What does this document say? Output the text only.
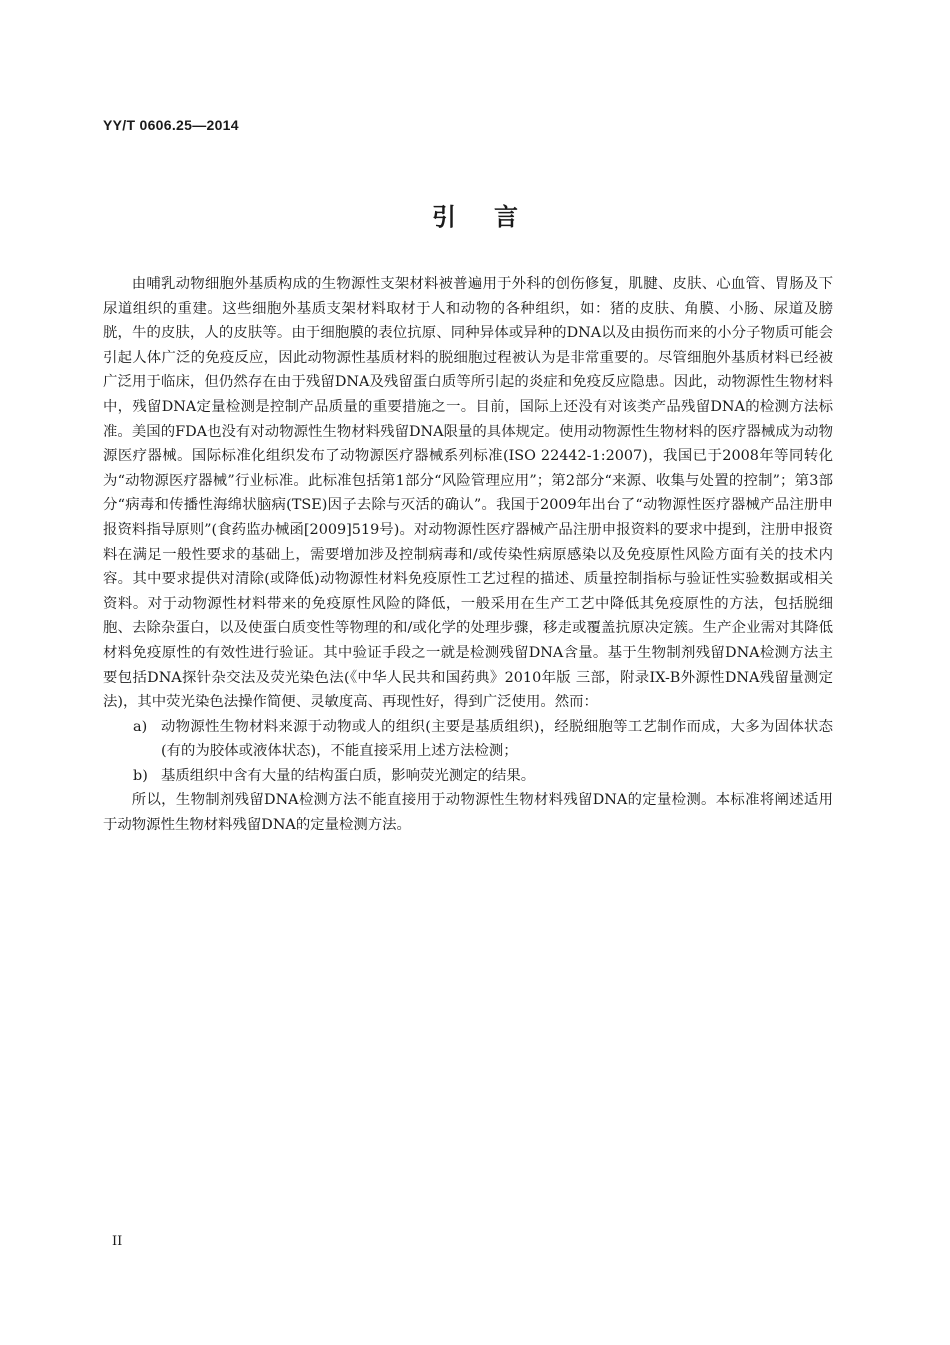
YY/T 0606.25—2014
引言

由哺乳动物细胞外基质构成的生物源性支架材料被普遍用于外科的创伤修复，肌腱、皮肤、心血管、胃肠及下尿道组织的重建。这些细胞外基质支架材料取材于人和动物的各种组织，如：猪的皮肤、角膜、小肠、尿道及膀胱，牛的皮肤，人的皮肤等。由于细胞膜的表位抗原、同种异体或异种的DNA以及由损伤而来的小分子物质可能会引起人体广泛的免疫反应，因此动物源性基质材料的脱细胞过程被认为是非常重要的。尽管细胞外基质材料已经被广泛用于临床，但仍然存在由于残留DNA及残留蛋白质等所引起的炎症和免疫反应隐患。因此，动物源性生物材料中，残留DNA定量检测是控制产品质量的重要措施之一。目前，国际上还没有对该类产品残留DNA的检测方法标准。美国的FDA也没有对动物源性生物材料残留DNA限量的具体规定。使用动物源性生物材料的医疗器械成为动物源医疗器械。国际标准化组织发布了动物源医疗器械系列标准(ISO 22442-1:2007)，我国已于2008年等同转化为“动物源医疗器械”行业标准。此标准包括第1部分“风险管理应用”；第2部分“来源、收集与处置的控制”；第3部分“病毒和传播性海绵状脑病(TSE)因子去除与灭活的确认”。我国于2009年出台了“动物源性医疗器械产品注册申报资料指导原则”(食药监办械函[2009]519号)。对动物源性医疗器械产品注册申报资料的要求中提到，注册申报资料在满足一般性要求的基础上，需要增加涉及控制病毒和/或传染性病原感染以及免疫原性风险方面有关的技术内容。其中要求提供对清除(或降低)动物源性材料免疫原性工艺过程的描述、质量控制指标与验证性实验数据或相关资料。对于动物源性材料带来的免疫原性风险的降低，一般采用在生产工艺中降低其免疫原性的方法，包括脱细胞、去除杂蛋白，以及使蛋白质变性等物理的和/或化学的处理步骤，移走或覆盖抗原决定簇。生产企业需对其降低材料免疫原性的有效性进行验证。其中验证手段之一就是检测残留DNA含量。基于生物制剂残留DNA检测方法主要包括DNA探针杂交法及荧光染色法(《中华人民共和国药典》2010年版 三部，附录IX-B外源性DNA残留量测定法)，其中荧光染色法操作简便、灵敏度高、再现性好，得到广泛使用。然而：

a) 动物源性生物材料来源于动物或人的组织(主要是基质组织)，经脱细胞等工艺制作而成，大多为固体状态(有的为胶体或液体状态)，不能直接采用上述方法检测；
b) 基质组织中含有大量的结构蛋白质，影响荧光测定的结果。

所以，生物制剂残留DNA检测方法不能直接用于动物源性生物材料残留DNA的定量检测。本标准将阐述适用于动物源性生物材料残留DNA的定量检测方法。

II
